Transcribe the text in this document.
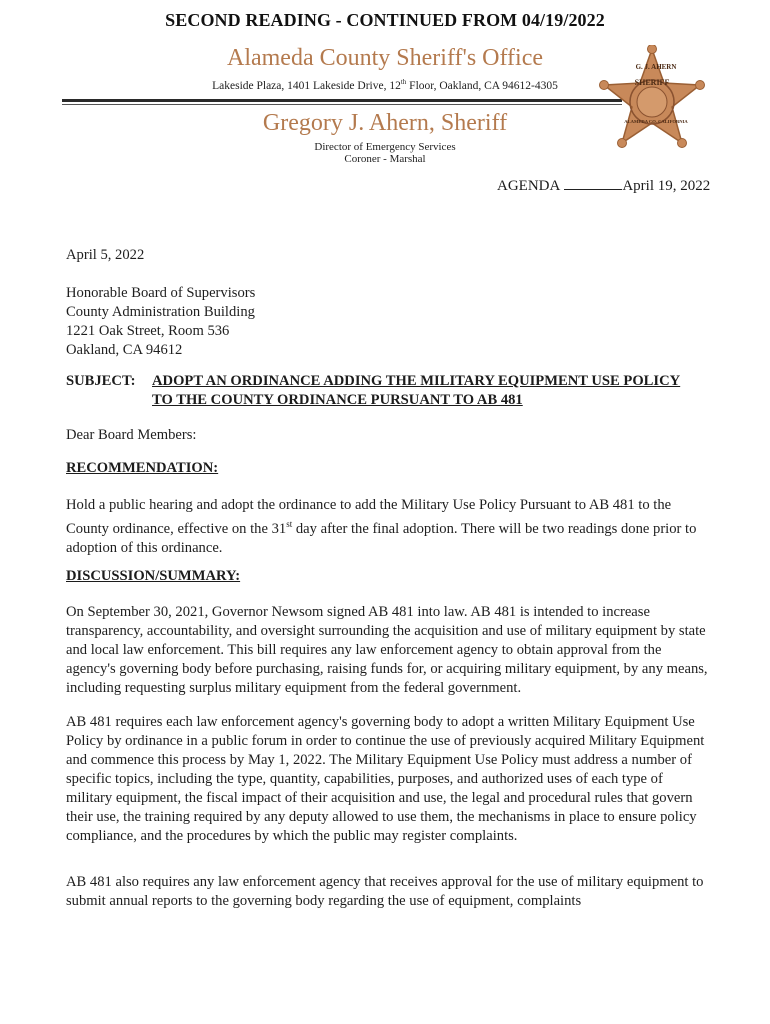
SECOND READING - CONTINUED FROM 04/19/2022
Alameda County Sheriff's Office
Lakeside Plaza, 1401 Lakeside Drive, 12th Floor, Oakland, CA 94612-4305
Gregory J. Ahern, Sheriff
Director of Emergency Services
Coroner - Marshal
G. J. AHERN
SHERIFF
ALAMEDA CO. CALIFORNIA
AGENDA	April 19, 2022
April 5, 2022
Honorable Board of Supervisors
County Administration Building
1221 Oak Street, Room 536
Oakland, CA 94612
SUBJECT: ADOPT AN ORDINANCE ADDING THE MILITARY EQUIPMENT USE POLICY
TO THE COUNTY ORDINANCE PURSUANT TO AB 481
Dear Board Members:
RECOMMENDATION:
Hold a public hearing and adopt the ordinance to add the Military Use Policy Pursuant to AB 481 to the County ordinance, effective on the 31st day after the final adoption. There will be two readings done prior to adoption of this ordinance.
DISCUSSION/SUMMARY:
On September 30, 2021, Governor Newsom signed AB 481 into law. AB 481 is intended to increase transparency, accountability, and oversight surrounding the acquisition and use of military equipment by state and local law enforcement. This bill requires any law enforcement agency to obtain approval from the agency's governing body before purchasing, raising funds for, or acquiring military equipment, by any means, including requesting surplus military equipment from the federal government.
AB 481 requires each law enforcement agency's governing body to adopt a written Military Equipment Use Policy by ordinance in a public forum in order to continue the use of previously acquired Military Equipment and commence this process by May 1, 2022. The Military Equipment Use Policy must address a number of specific topics, including the type, quantity, capabilities, purposes, and authorized uses of each type of military equipment, the fiscal impact of their acquisition and use, the legal and procedural rules that govern their use, the training required by any deputy allowed to use them, the mechanisms in place to ensure policy compliance, and the procedures by which the public may register complaints.
AB 481 also requires any law enforcement agency that receives approval for the use of military equipment to submit annual reports to the governing body regarding the use of equipment, complaints
